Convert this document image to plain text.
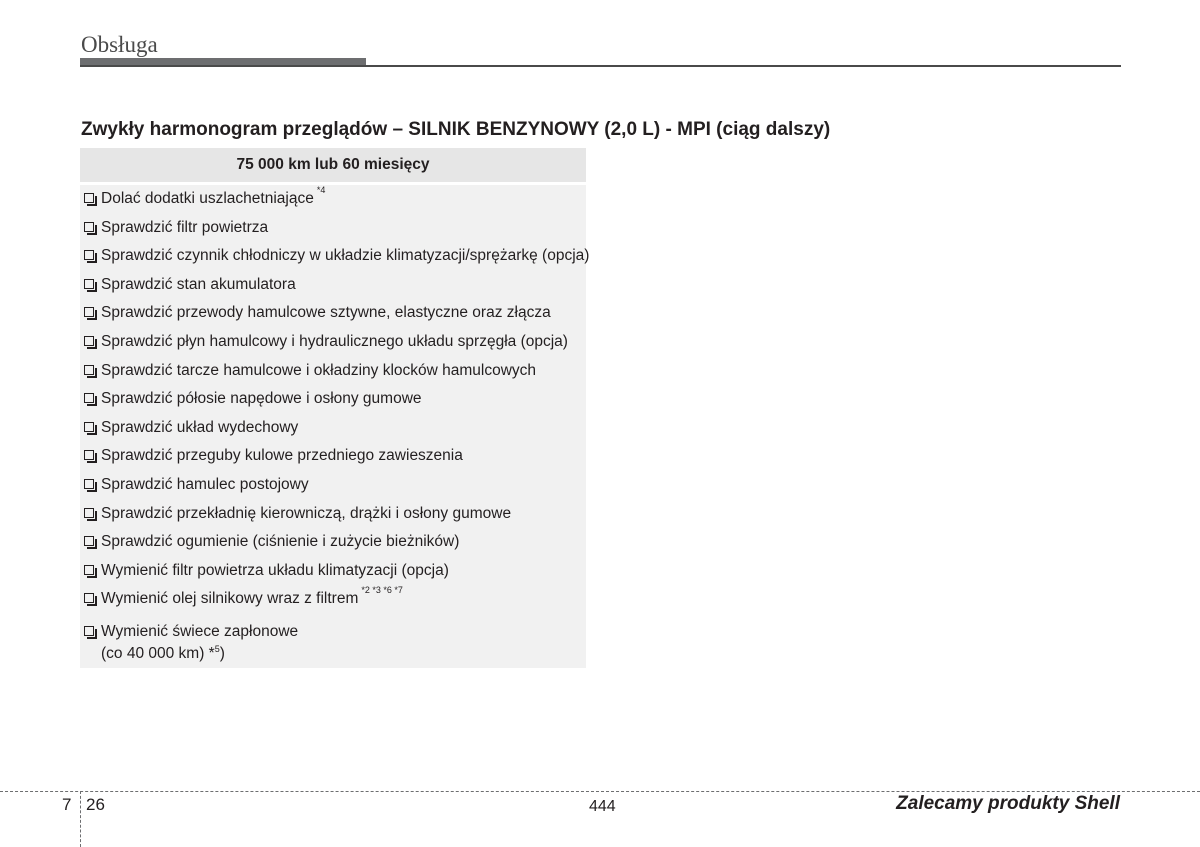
Obsługa
Zwykły harmonogram przeglądów – SILNIK BENZYNOWY (2,0 L) - MPI (ciąg dalszy)
75 000 km lub 60 miesięcy
Dolać dodatki uszlachetniające *4
Sprawdzić filtr powietrza
Sprawdzić czynnik chłodniczy w układzie klimatyzacji/sprężarkę (opcja)
Sprawdzić stan akumulatora
Sprawdzić przewody hamulcowe sztywne, elastyczne oraz złącza
Sprawdzić płyn hamulcowy i hydraulicznego układu sprzęgła (opcja)
Sprawdzić tarcze hamulcowe i okładziny klocków hamulcowych
Sprawdzić półosie napędowe i osłony gumowe
Sprawdzić układ wydechowy
Sprawdzić przeguby kulowe przedniego zawieszenia
Sprawdzić hamulec postojowy
Sprawdzić przekładnię kierowniczą, drążki i osłony gumowe
Sprawdzić ogumienie (ciśnienie i zużycie bieżników)
Wymienić filtr powietrza układu klimatyzacji (opcja)
Wymienić olej silnikowy wraz z filtrem *2 *3 *6 *7
Wymienić świece zapłonowe
(co 40 000 km) *$^5$)
7 26	444	Zalecamy produkty Shell
